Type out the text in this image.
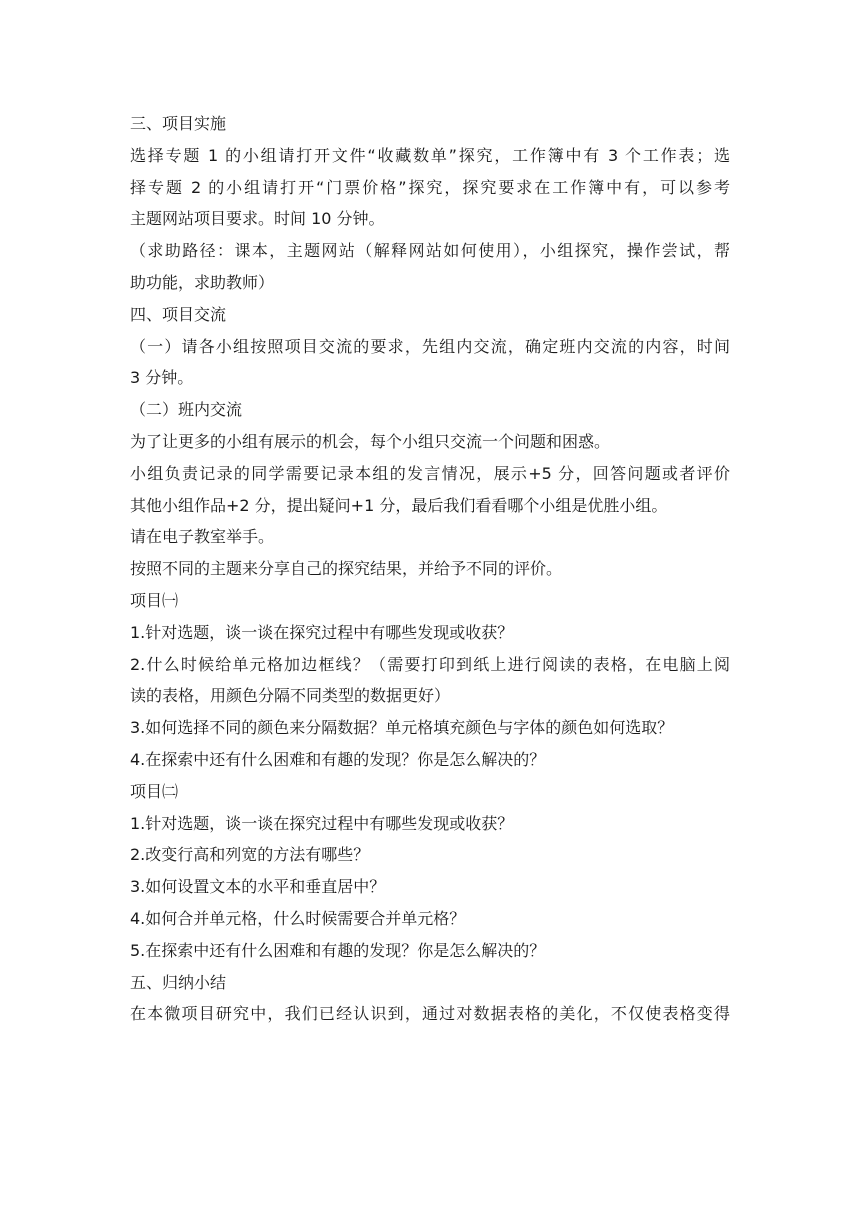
三、项目实施
选择专题 1 的小组请打开文件“收藏数单”探究，工作簿中有 3 个工作表；选
择专题 2 的小组请打开“门票价格”探究，探究要求在工作簿中有，可以参考
主题网站项目要求。时间 10 分钟。
（求助路径：课本，主题网站（解释网站如何使用），小组探究，操作尝试，帮
助功能，求助教师）
四、项目交流
（一）请各小组按照项目交流的要求，先组内交流，确定班内交流的内容，时间
3 分钟。
（二）班内交流
为了让更多的小组有展示的机会，每个小组只交流一个问题和困惑。
小组负责记录的同学需要记录本组的发言情况，展示+5 分，回答问题或者评价
其他小组作品+2 分，提出疑问+1 分，最后我们看看哪个小组是优胜小组。
请在电子教室举手。
按照不同的主题来分享自己的探究结果，并给予不同的评价。
项目㈠
1.针对选题，谈一谈在探究过程中有哪些发现或收获？
2.什么时候给单元格加边框线？（需要打印到纸上进行阅读的表格，在电脑上阅
读的表格，用颜色分隔不同类型的数据更好）
3.如何选择不同的颜色来分隔数据？单元格填充颜色与字体的颜色如何选取？
4.在探索中还有什么困难和有趣的发现？你是怎么解决的？
项目㈡
1.针对选题，谈一谈在探究过程中有哪些发现或收获？
2.改变行高和列宽的方法有哪些？
3.如何设置文本的水平和垂直居中？
4.如何合并单元格，什么时候需要合并单元格？
5.在探索中还有什么困难和有趣的发现？你是怎么解决的？
五、归纳小结
在本微项目研究中，我们已经认识到，通过对数据表格的美化，不仅使表格变得
